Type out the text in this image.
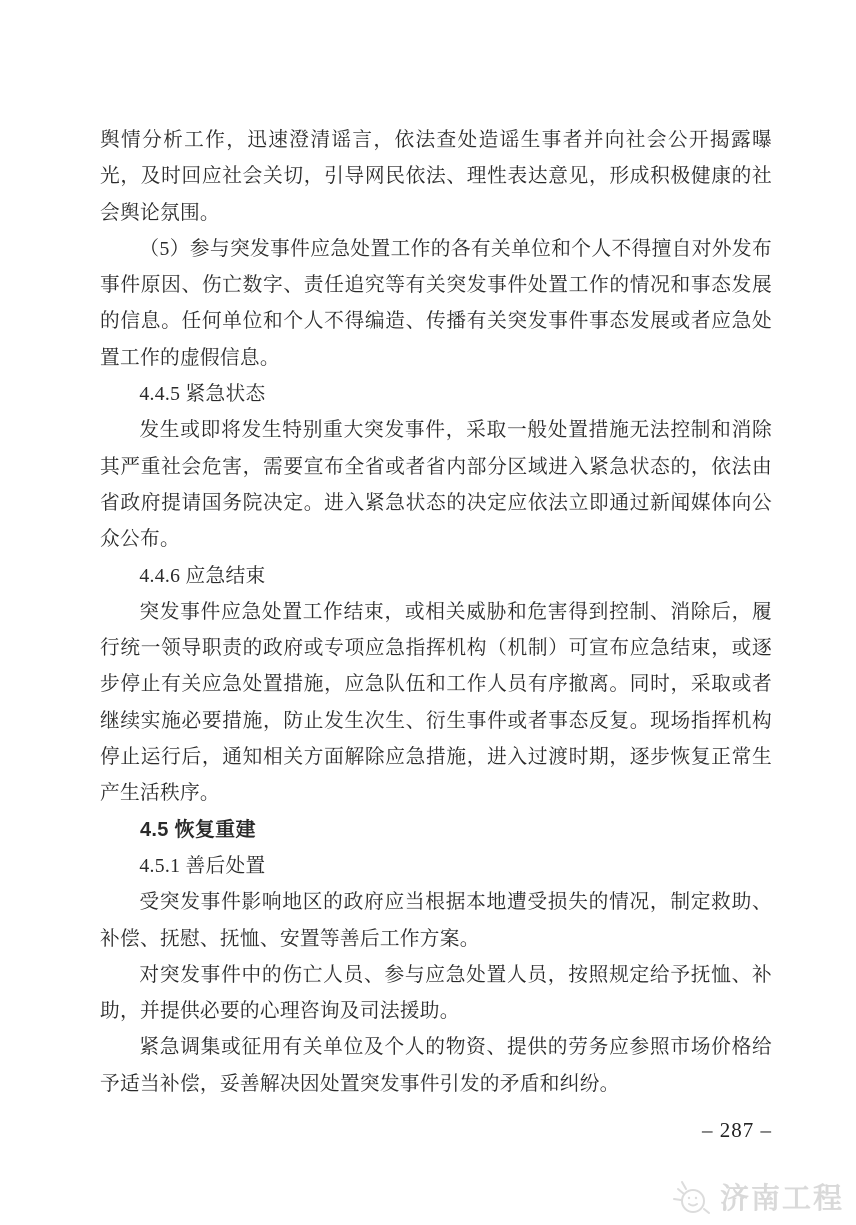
舆情分析工作，迅速澄清谣言，依法查处造谣生事者并向社会公开揭露曝光，及时回应社会关切，引导网民依法、理性表达意见，形成积极健康的社会舆论氛围。

（5）参与突发事件应急处置工作的各有关单位和个人不得擅自对外发布事件原因、伤亡数字、责任追究等有关突发事件处置工作的情况和事态发展的信息。任何单位和个人不得编造、传播有关突发事件事态发展或者应急处置工作的虚假信息。

4.4.5 紧急状态

发生或即将发生特别重大突发事件，采取一般处置措施无法控制和消除其严重社会危害，需要宣布全省或者省内部分区域进入紧急状态的，依法由省政府提请国务院决定。进入紧急状态的决定应依法立即通过新闻媒体向公众公布。

4.4.6 应急结束

突发事件应急处置工作结束，或相关威胁和危害得到控制、消除后，履行统一领导职责的政府或专项应急指挥机构（机制）可宣布应急结束，或逐步停止有关应急处置措施，应急队伍和工作人员有序撤离。同时，采取或者继续实施必要措施，防止发生次生、衍生事件或者事态反复。现场指挥机构停止运行后，通知相关方面解除应急措施，进入过渡时期，逐步恢复正常生产生活秩序。

4.5 恢复重建

4.5.1 善后处置

受突发事件影响地区的政府应当根据本地遭受损失的情况，制定救助、补偿、抚慰、抚恤、安置等善后工作方案。

对突发事件中的伤亡人员、参与应急处置人员，按照规定给予抚恤、补助，并提供必要的心理咨询及司法援助。

紧急调集或征用有关单位及个人的物资、提供的劳务应参照市场价格给予适当补偿，妥善解决因处置突发事件引发的矛盾和纠纷。

– 287 –
济南工程
